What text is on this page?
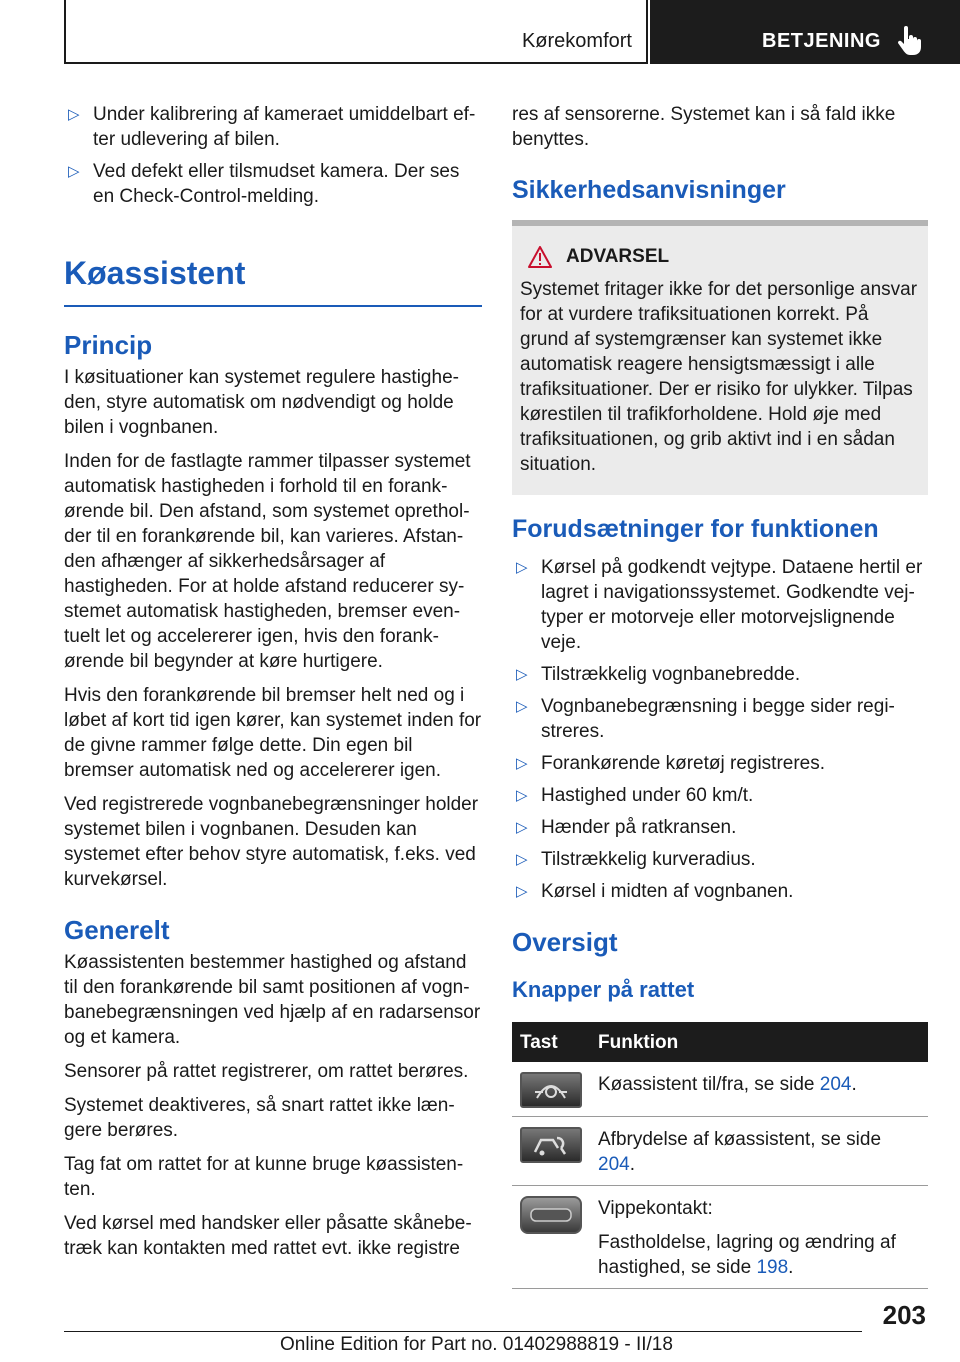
Kørekomfort	BETJENING
▷ Under kalibrering af kameraet umiddelbart efter udlevering af bilen.
▷ Ved defekt eller tilsmudset kamera. Der ses en Check-Control-melding.
Køassistent
Princip

I køsituationer kan systemet regulere hastigheden, styre automatisk om nødvendigt og holde bilen i vognbanen.

Inden for de fastlagte rammer tilpasser systemet automatisk hastigheden i forhold til en forankørende bil. Den afstand, som systemet opretholder til en forankørende bil, kan varieres. Afstanden afhænger af sikkerhedsårsager af hastigheden. For at holde afstand reducerer systemet automatisk hastigheden, bremser eventuelt let og accelererer igen, hvis den forankørende bil begynder at køre hurtigere.

Hvis den forankørende bil bremser helt ned og i løbet af kort tid igen kører, kan systemet inden for de givne rammer følge dette. Din egen bil bremser automatisk ned og accelererer igen.

Ved registrerede vognbanebegrænsninger holder systemet bilen i vognbanen. Desuden kan systemet efter behov styre automatisk, f.eks. ved kurvekørsel.

Generelt

Køassistenten bestemmer hastighed og afstand til den forankørende bil samt positionen af vognbanebegrænsningen ved hjælp af en radarsensor og et kamera.

Sensorer på rattet registrerer, om rattet berøres.

Systemet deaktiveres, så snart rattet ikke længere berøres.

Tag fat om rattet for at kunne bruge køassistenten.

Ved kørsel med handsker eller påsatte skånebetræk kan kontakten med rattet evt. ikke registre

res af sensorerne. Systemet kan i så fald ikke benyttes.

Sikkerhedsanvisninger
ADVARSEL

Systemet fritager ikke for det personlige ansvar for at vurdere trafiksituationen korrekt. På grund af systemgrænser kan systemet ikke automatisk reagere hensigtsmæssigt i alle trafiksituationer. Der er risiko for ulykker. Tilpas kørestilen til trafikforholdene. Hold øje med trafiksituationen, og grib aktivt ind i en sådan situation.

Forudsætninger for funktionen
▷ Kørsel på godkendt vejtype. Dataene hertil er lagret i navigationssystemet. Godkendte vejtyper er motorveje eller motorvejslignende veje.
▷ Tilstrækkelig vognbanebredde.
▷ Vognbanebegrænsning i begge sider registreres.
▷ Forankørende køretøj registreres.
▷ Hastighed under 60 km/t.
▷ Hænder på ratkransen.
▷ Tilstrækkelig kurveradius.
▷ Kørsel i midten af vognbanen.
Oversigt
Knapper på rattet
Tast	Funktion

	Køassistent til/fra, se side 204.

	Afbrydelse af køassistent, se side 204.

Vippekontakt:
Fastholdelse, lagring og ændring af hastighed, se side 198.
203
Online Edition for Part no. 01402988819 - II/18
